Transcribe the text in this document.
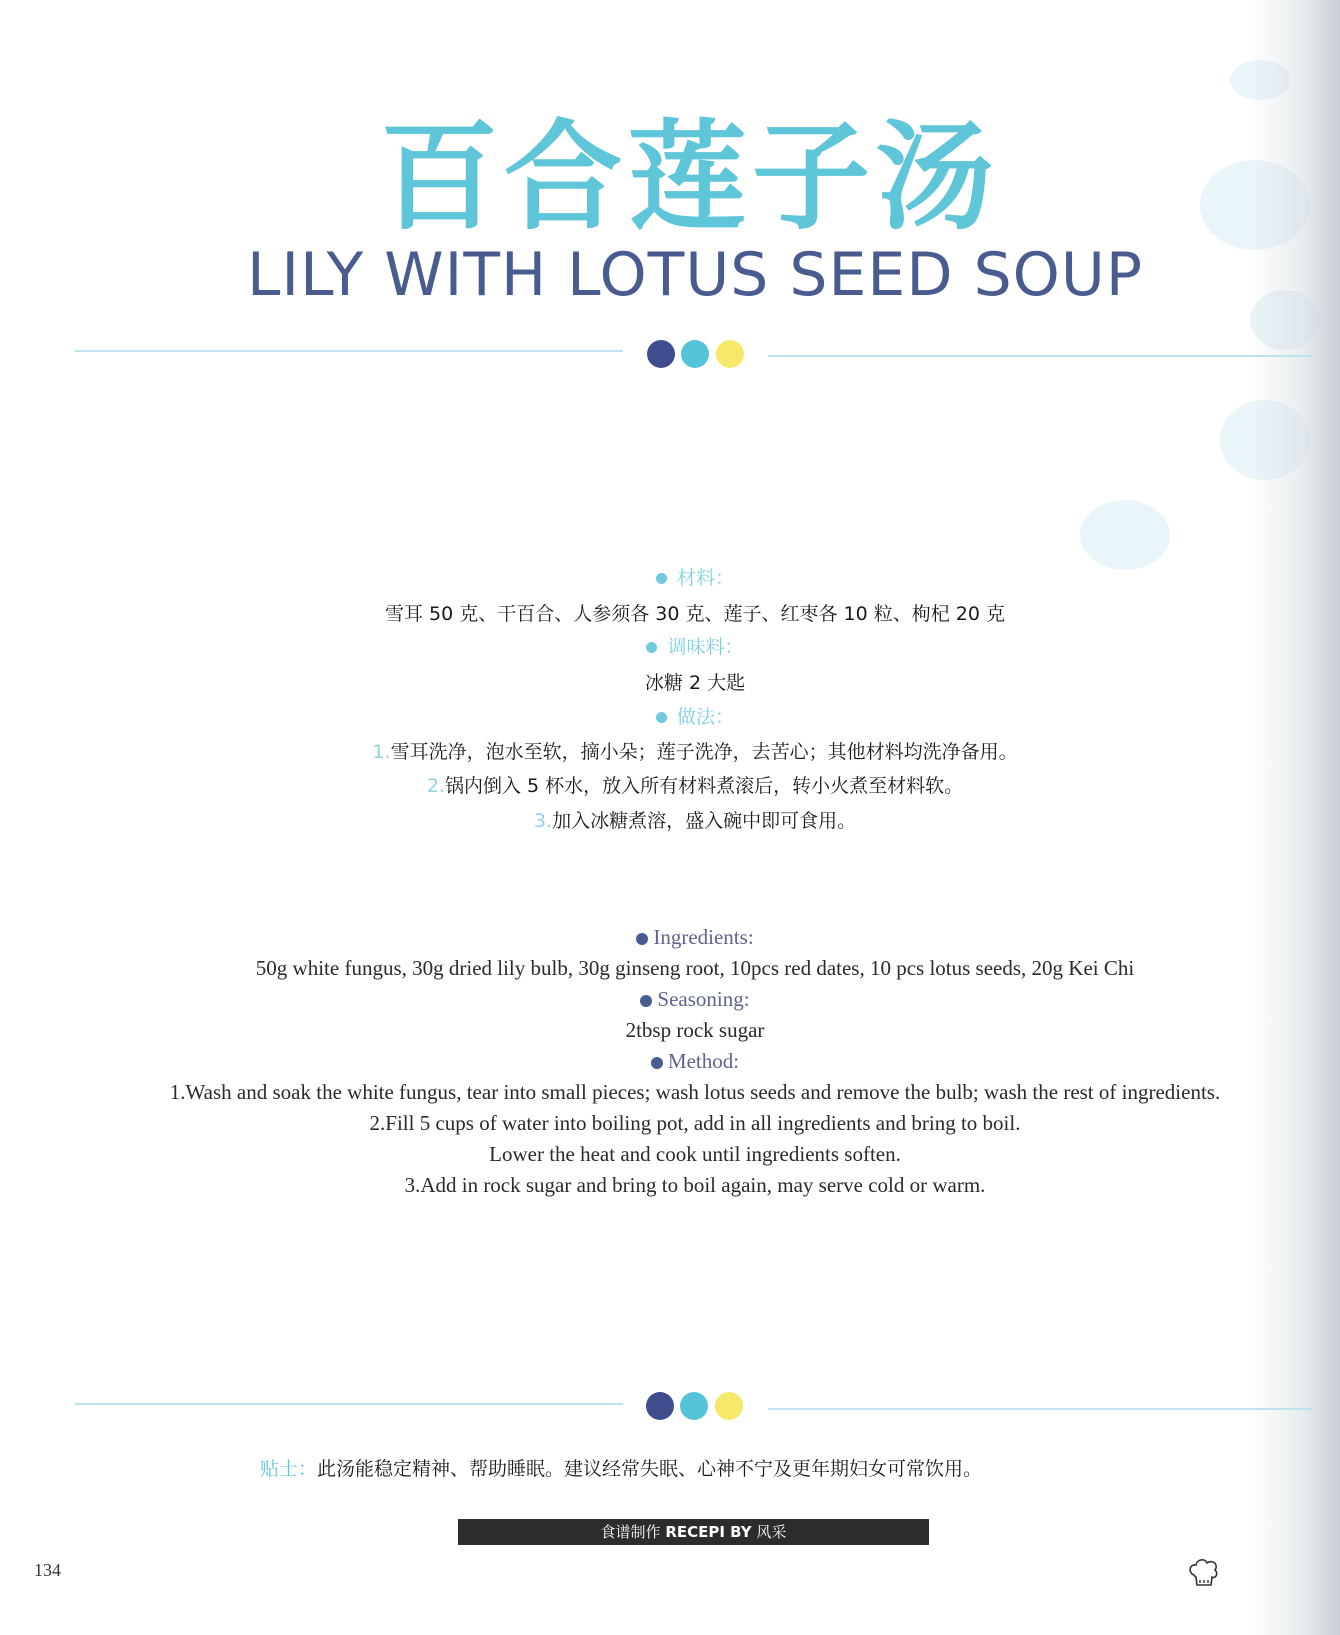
百合莲子汤
LILY WITH LOTUS SEED SOUP
材料：
雪耳 50 克、干百合、人参须各 30 克、莲子、红枣各 10 粒、枸杞 20 克
调味料：
冰糖 2 大匙
做法：
1.雪耳洗净，泡水至软，摘小朵；莲子洗净，去苦心；其他材料均洗净备用。
2.锅内倒入 5 杯水，放入所有材料煮滚后，转小火煮至材料软。
3.加入冰糖煮溶，盛入碗中即可食用。
Ingredients:
50g white fungus, 30g dried lily bulb, 30g ginseng root, 10pcs red dates, 10 pcs lotus seeds, 20g Kei Chi
Seasoning:
2tbsp rock sugar
Method:
1.Wash and soak the white fungus, tear into small pieces; wash lotus seeds and remove the bulb; wash the rest of ingredients.
2.Fill 5 cups of water into boiling pot, add in all ingredients and bring to boil.
Lower the heat and cook until ingredients soften.
3.Add in rock sugar and bring to boil again, may serve cold or warm.
贴士：此汤能稳定精神、帮助睡眠。建议经常失眠、心神不宁及更年期妇女可常饮用。
食谱制作 RECEPI BY 风采
134
